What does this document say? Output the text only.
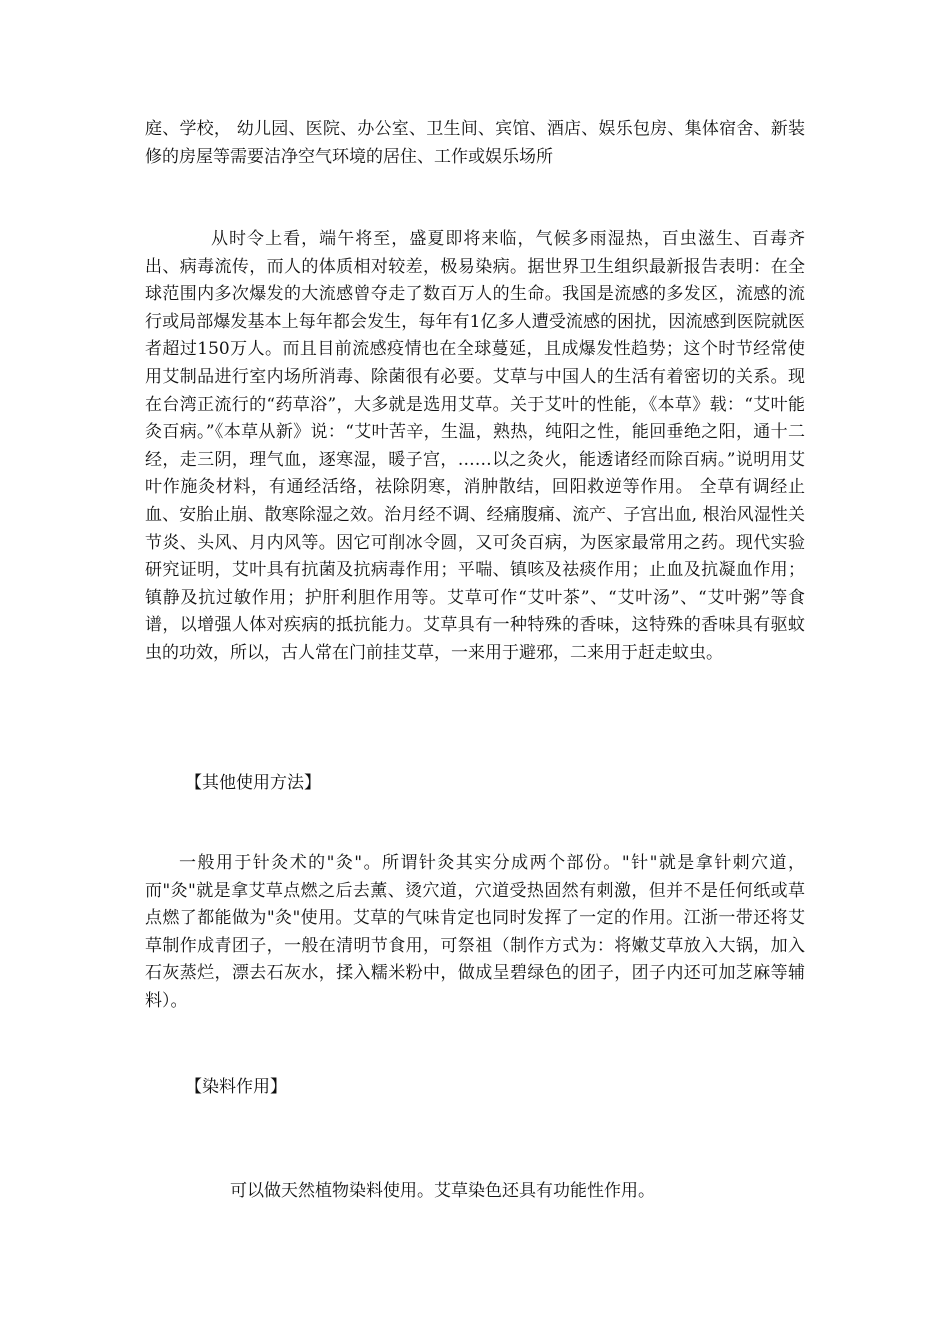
庭、学校， 幼儿园、医院、办公室、卫生间、宾馆、酒店、娱乐包房、集体宿舍、新装修的房屋等需要洁净空气环境的居住、工作或娱乐场所

从时令上看，端午将至，盛夏即将来临，气候多雨湿热，百虫滋生、百毒齐出、病毒流传，而人的体质相对较差，极易染病。据世界卫生组织最新报告表明：在全球范围内多次爆发的大流感曾夺走了数百万人的生命。我国是流感的多发区，流感的流行或局部爆发基本上每年都会发生，每年有1亿多人遭受流感的困扰，因流感到医院就医者超过150万人。而且目前流感疫情也在全球蔓延，且成爆发性趋势；这个时节经常使用艾制品进行室内场所消毒、除菌很有必要。艾草与中国人的生活有着密切的关系。现在台湾正流行的“药草浴”，大多就是选用艾草。关于艾叶的性能，《本草》载：“艾叶能灸百病。”《本草从新》说：“艾叶苦辛，生温，熟热，纯阳之性，能回垂绝之阳，通十二经，走三阴，理气血，逐寒湿，暖子宫，……以之灸火，能透诸经而除百病。”说明用艾叶作施灸材料，有通经活络，祛除阴寒，消肿散结，回阳救逆等作用。 全草有调经止血、安胎止崩、散寒除湿之效。治月经不调、经痛腹痛、流产、子宫出血, 根治风湿性关节炎、头风、月内风等。因它可削冰令圆，又可灸百病，为医家最常用之药。现代实验研究证明，艾叶具有抗菌及抗病毒作用；平喘、镇咳及祛痰作用；止血及抗凝血作用；镇静及抗过敏作用；护肝利胆作用等。艾草可作“艾叶茶”、“艾叶汤”、“艾叶粥”等食谱，以增强人体对疾病的抵抗能力。艾草具有一种特殊的香味，这特殊的香味具有驱蚊虫的功效，所以，古人常在门前挂艾草，一来用于避邪，二来用于赶走蚊虫。

【其他使用方法】

一般用于针灸术的"灸"。所谓针灸其实分成两个部份。"针"就是拿针刺穴道，而"灸"就是拿艾草点燃之后去薰、烫穴道，穴道受热固然有刺激，但并不是任何纸或草点燃了都能做为"灸"使用。艾草的气味肯定也同时发挥了一定的作用。江浙一带还将艾草制作成青团子，一般在清明节食用，可祭祖（制作方式为：将嫩艾草放入大锅，加入石灰蒸烂，漂去石灰水，揉入糯米粉中，做成呈碧绿色的团子，团子内还可加芝麻等辅料）。

【染料作用】

可以做天然植物染料使用。艾草染色还具有功能性作用。
